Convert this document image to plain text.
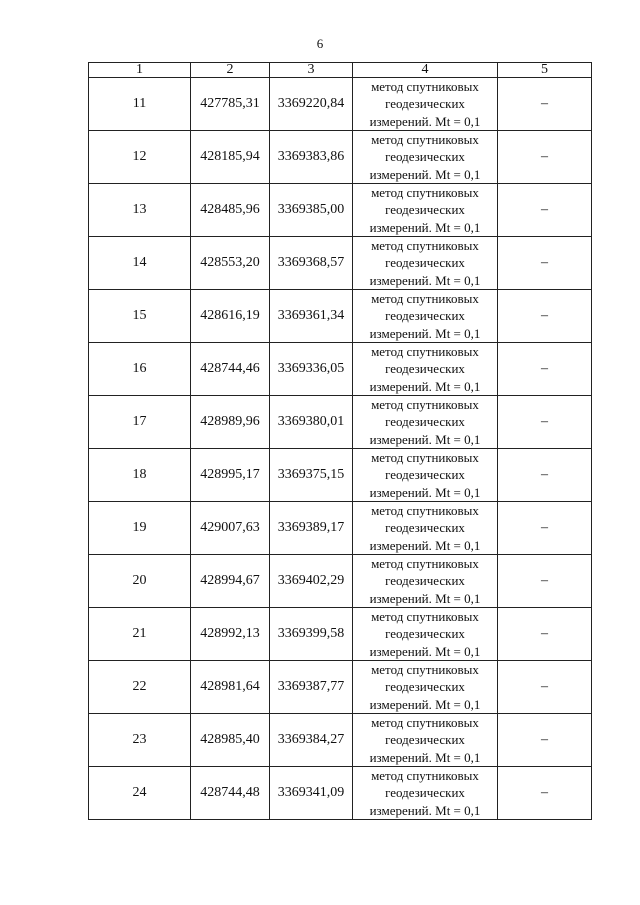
6
1	2	3	4	5
11	427785,31	3369220,84	метод спутниковых
геодезических
измерений. Mt = 0,1	–
12	428185,94	3369383,86	метод спутниковых
геодезических
измерений. Mt = 0,1	–
13	428485,96	3369385,00	метод спутниковых
геодезических
измерений. Mt = 0,1	–
14	428553,20	3369368,57	метод спутниковых
геодезических
измерений. Mt = 0,1	–
15	428616,19	3369361,34	метод спутниковых
геодезических
измерений. Mt = 0,1	–
16	428744,46	3369336,05	метод спутниковых
геодезических
измерений. Mt = 0,1	–
17	428989,96	3369380,01	метод спутниковых
геодезических
измерений. Mt = 0,1	–
18	428995,17	3369375,15	метод спутниковых
геодезических
измерений. Mt = 0,1	–
19	429007,63	3369389,17	метод спутниковых
геодезических
измерений. Mt = 0,1	–
20	428994,67	3369402,29	метод спутниковых
геодезических
измерений. Mt = 0,1	–
21	428992,13	3369399,58	метод спутниковых
геодезических
измерений. Mt = 0,1	–
22	428981,64	3369387,77	метод спутниковых
геодезических
измерений. Mt = 0,1	–
23	428985,40	3369384,27	метод спутниковых
геодезических
измерений. Mt = 0,1	–
24	428744,48	3369341,09	метод спутниковых
геодезических
измерений. Mt = 0,1	–
